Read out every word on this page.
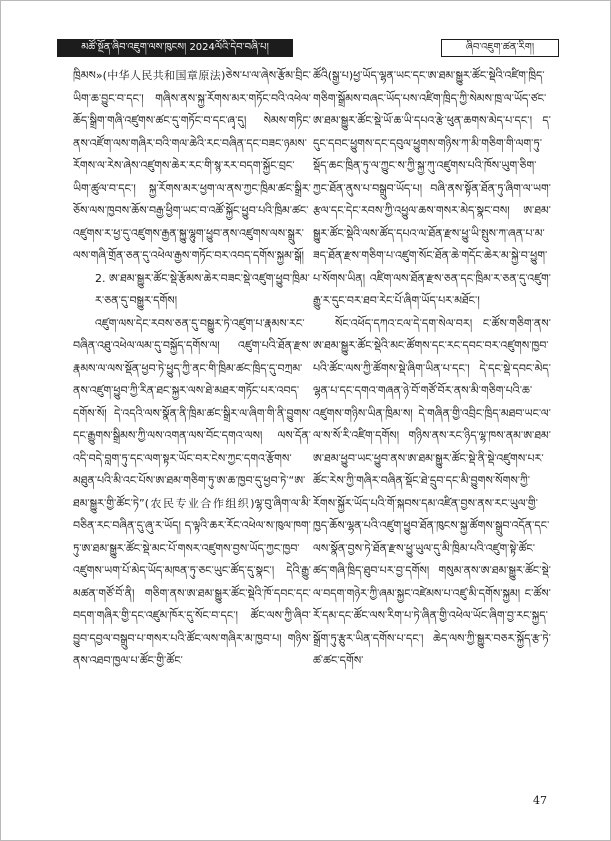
མཚོ་སྔོན་ཞིབ་འཇུག་ལས་ཁུངས། 2024ལོའི་དེབ་བཞི་པ།	ཞིབ་འཇུག་ཚན་རིག།

ཁྲིམས»(中华人民共和国章原法)ཅེས་པ་ལ་ཞེས་རྩོམ་བྲིང་ཡིག་ཆ་བྱུང་བ་དང་། གཞིས་ནས་སྐྱ་རོགས་མར་གཏོང་བའི་འཕེལ་ཆོད་སྒྲིག་གཞི་འཛུགས་ཚང་དུ་གཏོང་བ་དང་ཞྭ་དུ། སེམས་གཏིང་ནས་འཛོག་ལས་གཞིར་བའི་གལ་ཆེའི་རང་བཞིན་དང་བཟང་ཉམས་རོགས་ལ་རེས་ཞེས་འཛུགས་ཆེར་རང་གི་སྙ་རར་བདག་སྐྱོང་བྲང་ཡིག་ཚུལ་བ་དང་། སྐྱ་རོགས་མར་ཕྱག་ལ་ནས་ཀྱང་ཁྲིམ་ཚང་སྒྲིར་ཅོས་ལས་ཁྱབས་ཆོས་བརྒྱ་ཕྱིག་ཡང་བ་འཚོ་སྐྱོང་ཕྱུབ་པའི་ཁྲིམ་ཚང་འཛུགས་ར་ཕྱ་དུ་འཛུགས་རྒྱན་སྐྱུ་ལྷུག་ཕྱུབ་ནས་འཛུགས་ལས་སྒྲུར་ལས་གཞི་གྲོན་ཅན་དུ་འཕེལ་རྒྱས་གཏོང་བར་འབད་དགོས་སྐྱམ་སྒོ།

2. ཨ་ཐམ་སྒྱུར་ཚོང་སྡེ་རྩོམས་ཆེར་བཟང་སྡེ་འཛུག་ཕྱུབ་ཁྲིམ་ར་ཅན་དུ་བསྒྱུར་དགོས།

འཛུག་ལས་དེང་རབས་ཅན་དུ་བསྒྱུར་ཏེ་འཛུག་པ་རྣམས་རང་བཞིན་འཐུ་འཕེལ་ལམ་དུ་བསྐྱོད་དགོས་ལ། འཛུག་པའི་ཐོན་རྫས་རྣམས་ལ་ལས་སྡོན་ཕྱབ་ཏེ་ཕྱུད་ཀྱི་ནང་གི་ཁྲིམ་ཚང་ཁྲིད་དུ་བཀྲམ་ནས་འཛུག་ཕྱུབ་ཀྱི་རིན་ཐང་སྐྱར་ལས་ཐེ་མཐར་གཏོང་པར་འབད་དགོས་སོ། དེ་འདའི་ལས་སྣོན་ནི་ཁྲིམ་ཚང་སྒྲིར་ལ་ཞིག་གི་ནི་བྱུགས་དང་རྒྱུགས་སྒྲིམས་ཀྱི་ལས་འགན་ལས་བོང་དགའ་ལས། ལས་དོན་འདི་བདེ་བླག་ཏུ་དང་ལག་སྟར་ཡོང་བར་ངེས་ཀྱང་དགའ་རྩོགས་མཐུན་པའི་མི་འང་པོས་ཨ་ཐམ་གཅིག་ཏུ་ཨ་ཆ་ཁྱབ་དུ་ཕྱབ་ཏེ་“ཨ་ཐམ་སྒྱུར་གྱི་ཚོང་ཏེ”(农民专业合作组织)ལྷ་བུ་ཞིག་ལ་མི་བཅིན་རང་བཞིན་དུ་ཞུ་ར་ཡོད། ད་ལྟའི་ཆར་རོང་འཕེལ་ས་ཁུལ་ཁག་ཏུ་ཨ་ཐམ་སྒྱུར་ཚོང་སྡེ་མང་པོ་གསར་འཛུགས་བྱས་ཡོད་ཀྱང་ཁྱབ་འཛུགས་ཡག་པོ་མེད་ཡོད་མཁན་ཏུ་ཅང་ཡུང་ཚོད་དུ་སྣང་། དེའི་རྒྱུ་མཚན་གཙོ་བོ་ནི། གཅིག་ནས་ཨ་ཐམ་སྒྱུར་ཚོང་སྡེའི་ཁོ་དབང་དང་བདག་གཞིར་གྱི་དང་འཛུམ་ཁོར་དུ་སོང་བ་དང་། ཚོང་ལས་ཀྱི་ཞིབ་བྱུབ་དབྱལ་བསྒྲུབ་པ་གསར་པའི་ཚོང་ལས་གཞིར་མ་ཁྱབ་པ། གཉིས་ནས་འཐབ་ཁྱལ་པ་ཚོང་གྱི་ཚོང་

ཚོའི(སྒྱ་པ)ཕྱ་ཡོད་ལྷན་ཡང་དང་ཨ་ཐམ་སྒྱུར་ཚོང་སྡེའི་འཛིག་ཁྲིད་གཅིག་སྒྲོམས་བཞང་ཡོད་པས་འཛིག་ཁྲིད་ཀྱི་སེམས་ཁྲ་ལ་ཡོད་ཙང་ཨ་ཐམ་སྒྱུར་ཚོང་སྡེ་ཡོ་ཆ་ཡི་དཔའ་རྩེ་ཕུན་ཆགས་མེད་པ་དང་། ད་དུང་དབང་ཕྱུགས་དང་དབུལ་ཕྱུགས་གཉིས་ཀ་མི་གཅིག་གི་ལག་ཏུ་སྡོད་ཆང་ཁྲིན་ཏུ་ལ་ཀྱུང་ས་ཀྱི་སྐྱ་ཀུ་འཛུགས་པའི་ཁོས་ཡུག་ཅིག་ཀྱང་ཐོན་ནུས་པ་བསྒྲུབ་ཡོད་པ། བཞི་ནས་སྟོན་ཐོན་ཏུ་ཞིག་ལ་ཡག་རྩལ་དང་དེང་རབས་ཀྱི་འཕྱུལ་ཆས་གསར་མེད་སྣང་བས། ཨ་ཐམ་སྒྱུར་ཚོང་སྡེའི་ལས་ཚོད་དཔའ་ལ་ཐོན་རྫས་ཕྱུ་ཡི་སྤུས་ཀ་ཞན་པ་མ་ཟད་ཐོན་རྫས་གཅིག་པ་འཛུག་སོང་ཐོན་ཆེ་གདོང་ཆེར་མ་སྐྱེ་བ་ཕྱུག་པ་སོགས་ཡིན། འཛིག་ལས་ཐོན་རྫས་ཅན་དང་ཁྲིམ་ར་ཅན་དུ་འཛུག་རྒྱུ་ར་དུང་བར་ཐབ་རེང་པོ་ཞིག་ཡོད་པར་མཐོང་།

སོང་འཕོད་དཀའ་ངལ་དེ་དག་སེལ་བར། ང་ཚོས་གཅིག་ནས་ཨ་ཐམ་སྒྱུར་ཚོང་སྡེའི་མང་ཚོགས་དང་རང་དབང་བར་འཛུགས་ཁྱབ་པའི་ཚོང་ལས་ཀྱི་ཚོགས་སྡེ་ཞིག་ཡིན་པ་དང་། དེ་དང་སྡེ་དབང་མེད་ལྷན་པ་དང་དགའ་གཞན་ཉེ་བོ་གཙོ་བོར་ནས་མི་གཅིག་པའི་ཆ་འཛུགས་གཉིས་ཡིན་ཁྲིམ་ས། དེ་གཞིན་གྱི་འབྲིང་ཁྲིད་མཐབ་ཡང་ལ་ལ་ས་སོ་རི་འཛིག་དགོས། གཉིས་ནས་རང་ཉིད་ལྷ་ཁས་ནམ་ཨ་ཐམ་ཨ་ཐམ་ཕྱུབ་ཡང་ཕྱུབ་ནས་ཨ་ཐམ་སྒྱུར་ཚོང་སྡེ་ནི་སྡེ་འཛུགས་པར་ཚོང་རེས་ཀྱི་གཞིར་བཞིན་སྡོང་ཐེ་དྲུབ་དང་མི་བྱུགས་སོགས་ཀྱི་རོགས་སྐྱོར་ཡོད་པའི་གོ་སྐབས་དམ་འཛིན་བྱས་ནས་རང་ཡུལ་གྱི་ཁྱད་ཆོས་ལྷན་པའི་འཛུག་ཕྱུབ་ཐོན་ཁུངས་སྐྱ་ཚོགས་སྒྲུབ་འདོན་དང་ལས་སྣོན་བྱས་ཏེ་ཐོན་རྫས་ཕྱུ་ཡུལ་དུ་མི་ཁྲིམ་པའི་འཛུག་སྟེ་ཚོང་ཚད་གཞི་ཁྲིད་ཐུབ་པར་བྱ་དགོས། གསུམ་ནས་ཨ་ཐམ་སྒྱུར་ཚོང་སྡེ་ལ་བདག་གཉེར་ཀྱི་ཞམ་སྐྱང་འཛེམས་པ་འཛུ་མི་དགོས་སྐྱམ། ང་ཚོས་རོ་དམ་དང་ཚོང་ལས་རིག་པ་ཏེ་ཞིན་གྱི་འཕེལ་ཡོང་ཞིག་བྱ་རང་སྐྱད་སྒྲོག་ཏུ་རྩུར་ཡིན་དགོས་པ་དང་། ཆེད་ལས་ཀྱི་སྒྱུར་བཅར་སྐྱོད་རྩ་ཏེ་ཚ་ཚང་དགོས་

47
